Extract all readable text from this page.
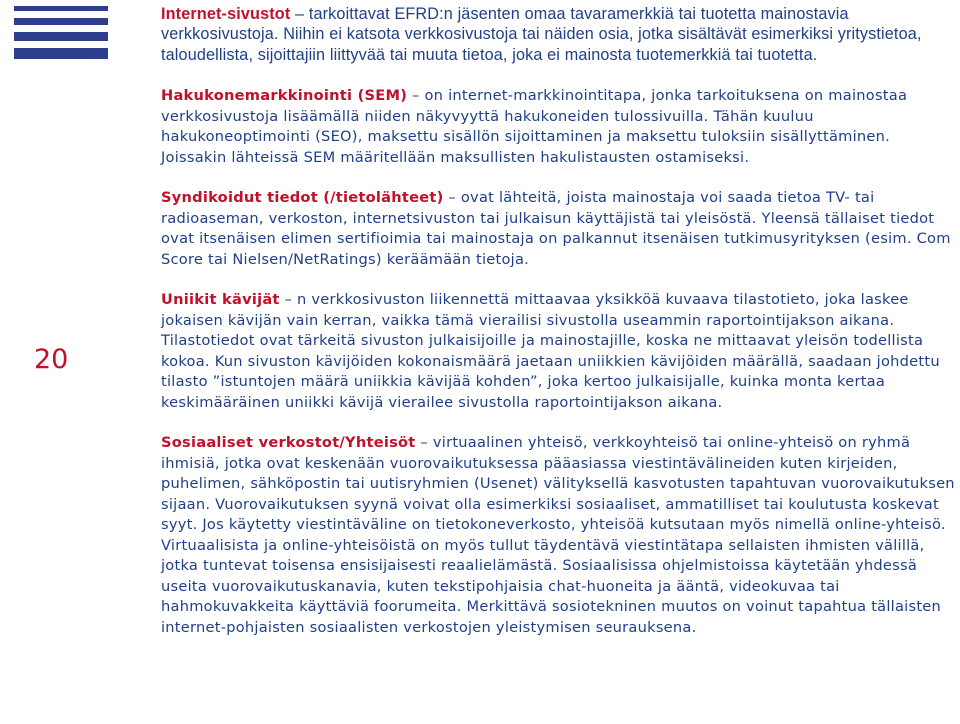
20

Internet-sivustot – tarkoittavat EFRD:n jäsenten omaa tavaramerkkiä tai tuotetta mainostavia verkkosivustoja. Niihin ei katsota verkkosivustoja tai näiden osia, jotka sisältävät esimerkiksi yritystietoa, taloudellista, sijoittajiin liittyvää tai muuta tietoa, joka ei mainosta tuotemerkkiä tai tuotetta.

Hakukonemarkkinointi (SEM) – on internet-markkinointitapa, jonka tarkoituksena on mainostaa verkkosivustoja lisäämällä niiden näkyvyyttä hakukoneiden tulossivuilla. Tähän kuuluu hakukoneoptimointi (SEO), maksettu sisällön sijoittaminen ja maksettu tuloksiin sisällyttäminen. Joissakin lähteissä SEM määritellään maksullisten hakulistausten ostamiseksi.

Syndikoidut tiedot (/tietolähteet) – ovat lähteitä, joista mainostaja voi saada tietoa TV- tai radioaseman, verkoston, internetsivuston tai julkaisun käyttäjistä tai yleisöstä. Yleensä tällaiset tiedot ovat itsenäisen elimen sertifioimia tai mainostaja on palkannut itsenäisen tutkimusyrityksen (esim. Com Score tai Nielsen/NetRatings) keräämään tietoja.

Uniikit kävijät – n verkkosivuston liikennettä mittaavaa yksikköä kuvaava tilastotieto, joka laskee jokaisen kävijän vain kerran, vaikka tämä vierailisi sivustolla useammin raportointijakson aikana. Tilastotiedot ovat tärkeitä sivuston julkaisijoille ja mainostajille, koska ne mittaavat yleisön todellista kokoa. Kun sivuston kävijöiden kokonaismäärä jaetaan uniikkien kävijöiden määrällä, saadaan johdettu tilasto ”istuntojen määrä uniikkia kävijää kohden”, joka kertoo julkaisijalle, kuinka monta kertaa keskimääräinen uniikki kävijä vierailee sivustolla raportointijakson aikana.

Sosiaaliset verkostot/Yhteisöt – virtuaalinen yhteisö, verkkoyhteisö tai online-yhteisö on ryhmä ihmisiä, jotka ovat keskenään vuorovaikutuksessa pääasiassa viestintävälineiden kuten kirjeiden, puhelimen, sähköpostin tai uutisryhmien (Usenet) välityksellä kasvotusten tapahtuvan vuorovaikutuksen sijaan. Vuorovaikutuksen syynä voivat olla esimerkiksi sosiaaliset, ammatilliset tai koulutusta koskevat syyt. Jos käytetty viestintäväline on tietokoneverkosto, yhteisöä kutsutaan myös nimellä online-yhteisö. Virtuaalisista ja online-yhteisöistä on myös tullut täydentävä viestintätapa sellaisten ihmisten välillä, jotka tuntevat toisensa ensisijaisesti reaalielämästä. Sosiaalisissa ohjelmistoissa käytetään yhdessä useita vuorovaikutuskanavia, kuten tekstipohjaisia chat-huoneita ja ääntä, videokuvaa tai hahmokuvakkeita käyttäviä foorumeita. Merkittävä sosiotekninen muutos on voinut tapahtua tällaisten internet-pohjaisten sosiaalisten verkostojen yleistymisen seurauksena.
